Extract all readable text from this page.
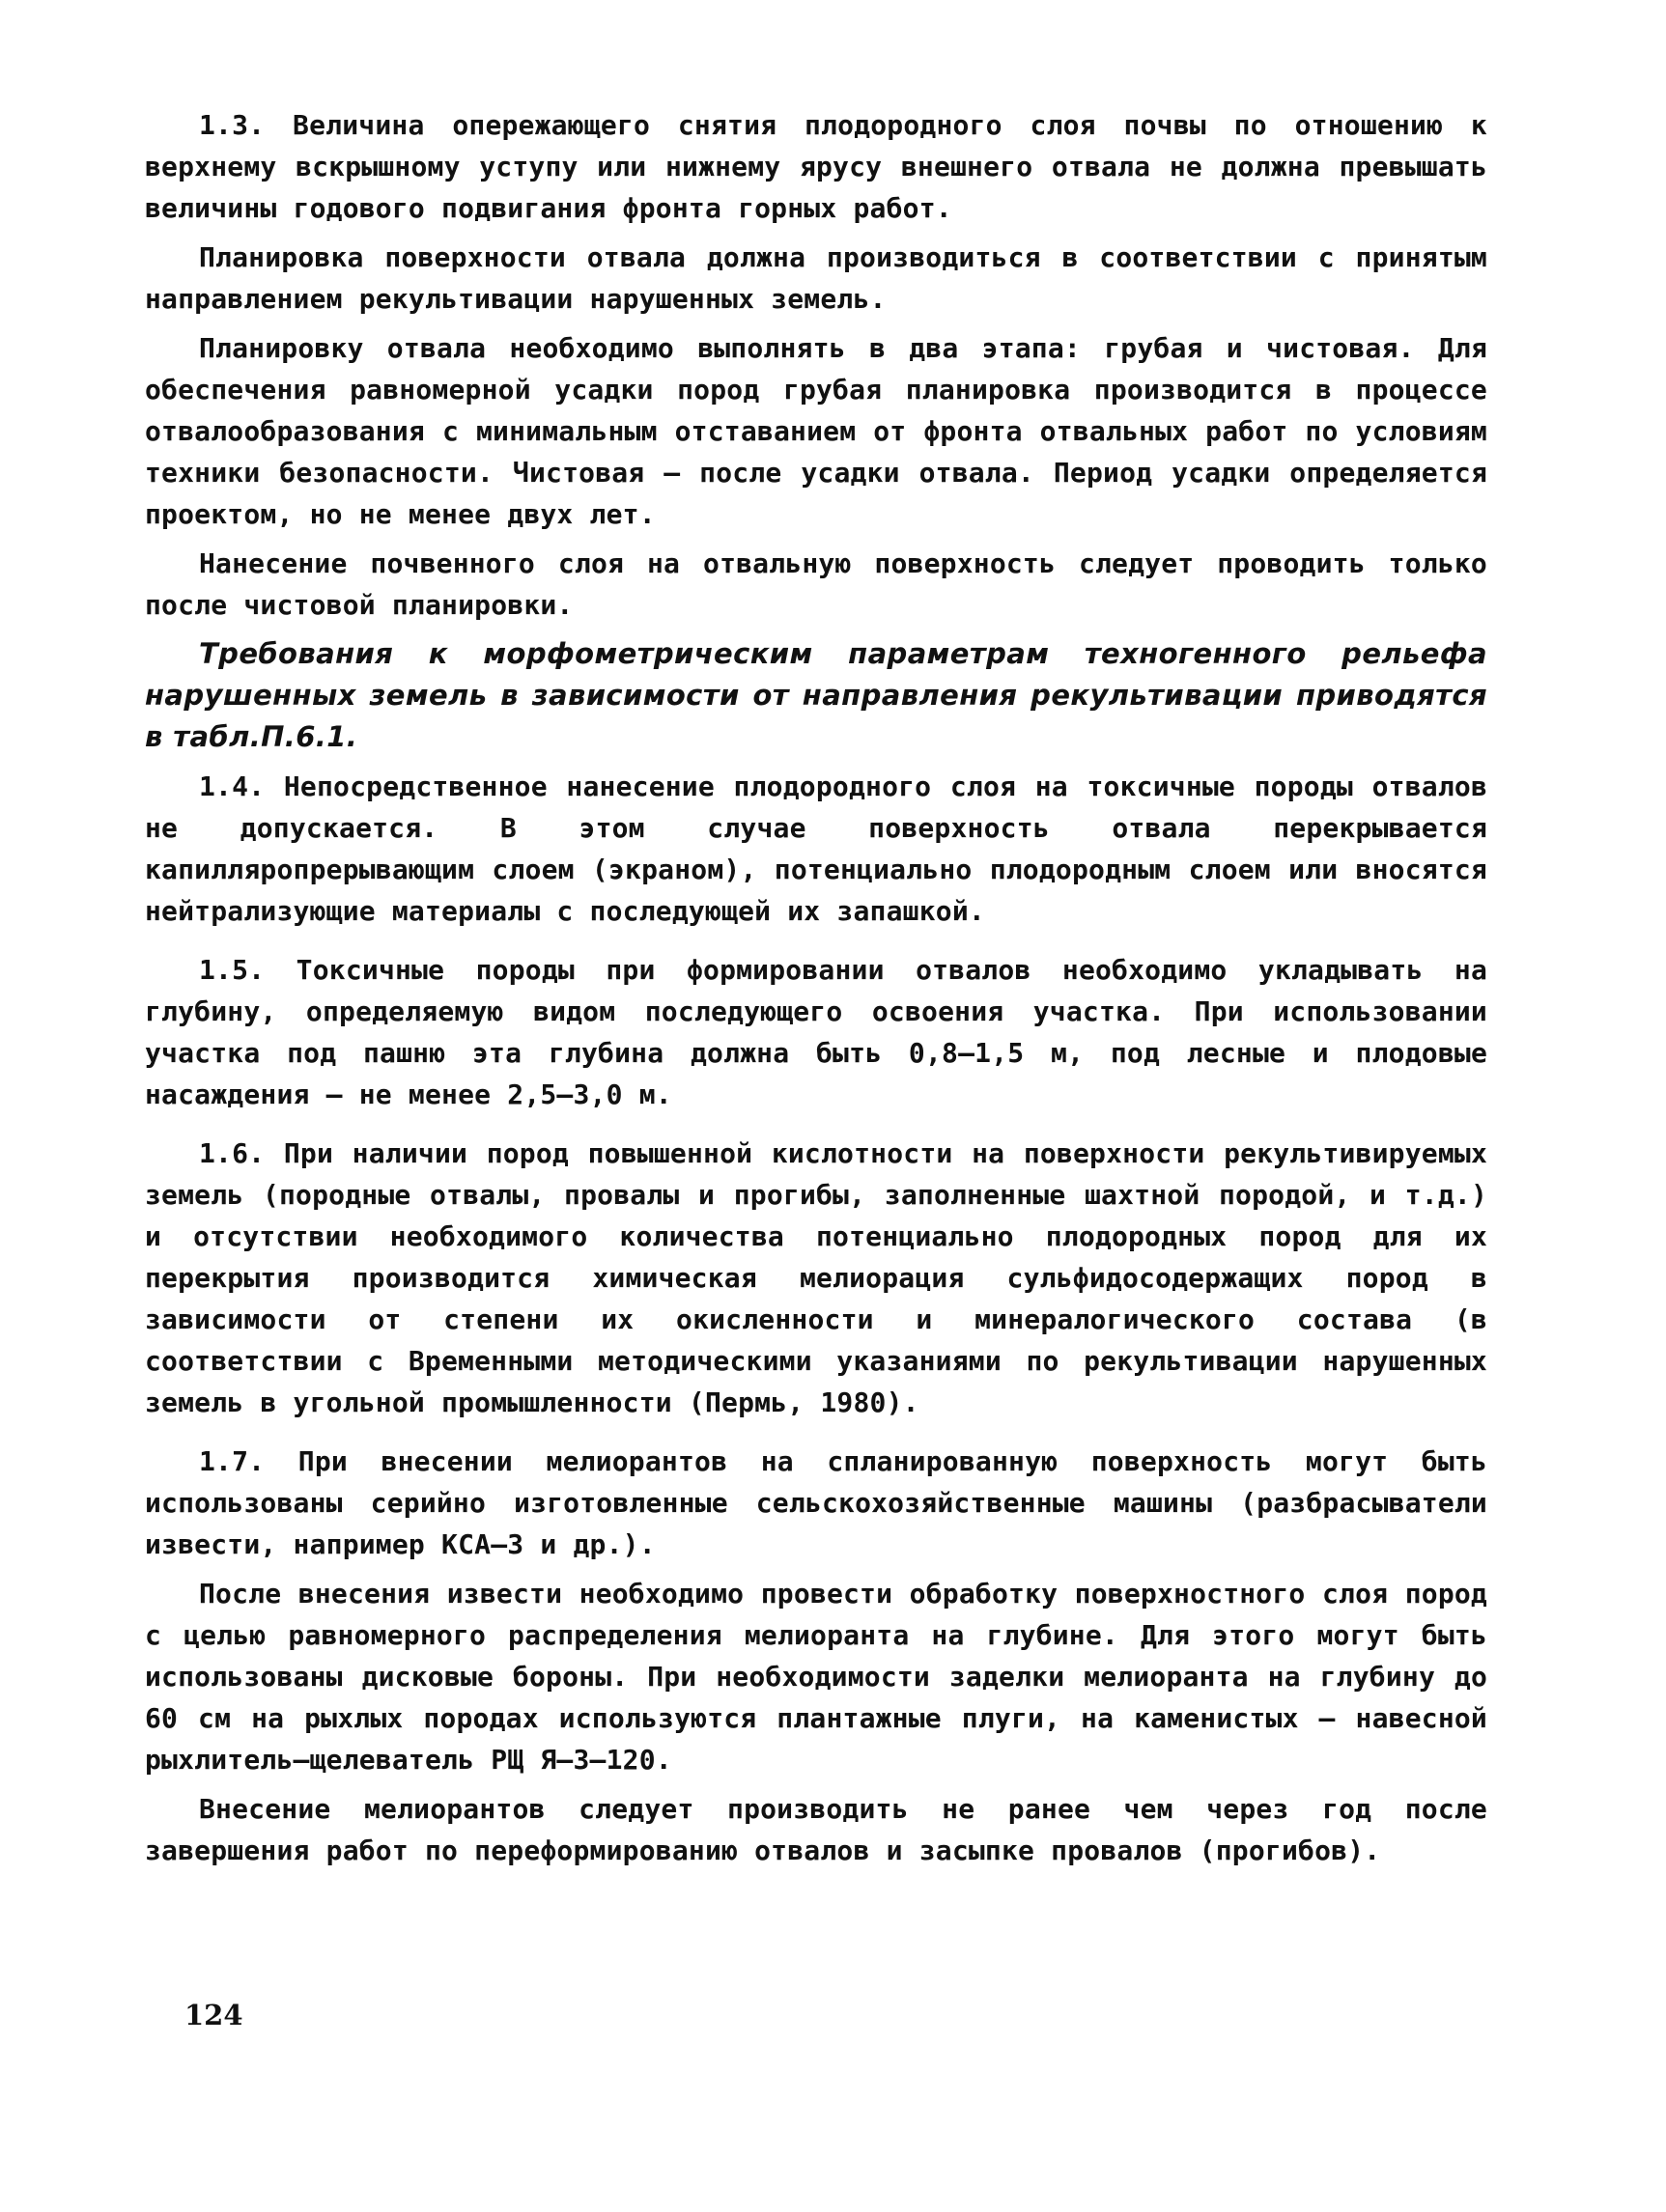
1.3. Величина опережающего снятия плодородного слоя почвы по отношению к верхнему вскрышному уступу или нижнему ярусу внешнего отвала не должна превышать величины годового подвигания фронта горных работ.

Планировка поверхности отвала должна производиться в соответствии с принятым направлением рекультивации нарушенных земель.

Планировку отвала необходимо выполнять в два этапа: грубая и чистовая. Для обеспечения равномерной усадки пород грубая планировка производится в процессе отвалообразования с минимальным отставанием от фронта отвальных работ по условиям техники безопасности. Чистовая – после усадки отвала. Период усадки определяется проектом, но не менее двух лет.

Нанесение почвенного слоя на отвальную поверхность следует проводить только после чистовой планировки.

Требования к морфометрическим параметрам техногенного рельефа нарушенных земель в зависимости от направления рекультивации приводятся в табл.П.6.1.

1.4. Непосредственное нанесение плодородного слоя на токсичные породы отвалов не допускается. В этом случае поверхность отвала перекрывается капилляропрерывающим слоем (экраном), потенциально плодородным слоем или вносятся нейтрализующие материалы с последующей их запашкой.

1.5. Токсичные породы при формировании отвалов необходимо укладывать на глубину, определяемую видом последующего освоения участка. При использовании участка под пашню эта глубина должна быть 0,8–1,5 м, под лесные и плодовые насаждения – не менее 2,5–3,0 м.

1.6. При наличии пород повышенной кислотности на поверхности рекультивируемых земель (породные отвалы, провалы и прогибы, заполненные шахтной породой, и т.д.) и отсутствии необходимого количества потенциально плодородных пород для их перекрытия производится химическая мелиорация сульфидосодержащих пород в зависимости от степени их окисленности и минералогического состава (в соответствии с Временными методическими указаниями по рекультивации нарушенных земель в угольной промышленности (Пермь, 1980).

1.7. При внесении мелиорантов на спланированную поверхность могут быть использованы серийно изготовленные сельскохозяйственные машины (разбрасыватели извести, например КСА–3 и др.).

После внесения извести необходимо провести обработку поверхностного слоя пород с целью равномерного распределения мелиоранта на глубине. Для этого могут быть использованы дисковые бороны. При необходимости заделки мелиоранта на глубину до 60 см на рыхлых породах используются плантажные плуги, на каменистых – навесной рыхлитель–щелеватель РЩ Я–3–120.

Внесение мелиорантов следует производить не ранее чем через год после завершения работ по переформированию отвалов и засыпке провалов (прогибов).

124
